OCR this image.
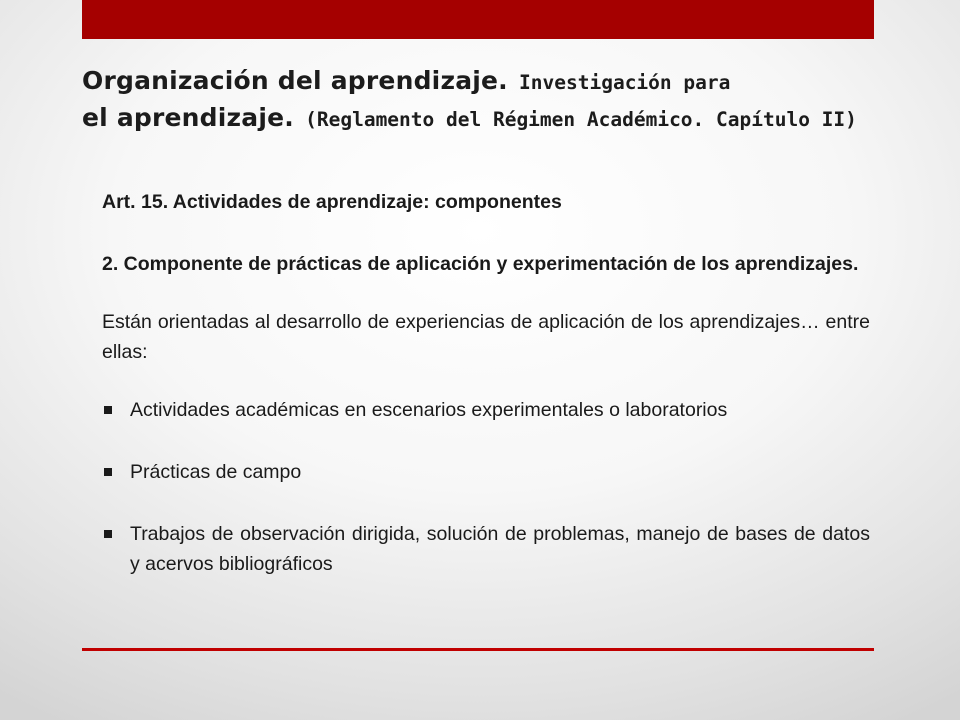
Organización del aprendizaje. Investigación para
el aprendizaje. (Reglamento del Régimen Académico. Capítulo II)

Art. 15. Actividades de aprendizaje: componentes

2. Componente de prácticas de aplicación y experimentación de los aprendizajes.

Están orientadas al desarrollo de experiencias de aplicación de los aprendizajes… entre ellas:

Actividades académicas en escenarios experimentales o laboratorios
Prácticas de campo
Trabajos de observación dirigida, solución de problemas, manejo de bases de datos y acervos bibliográficos
